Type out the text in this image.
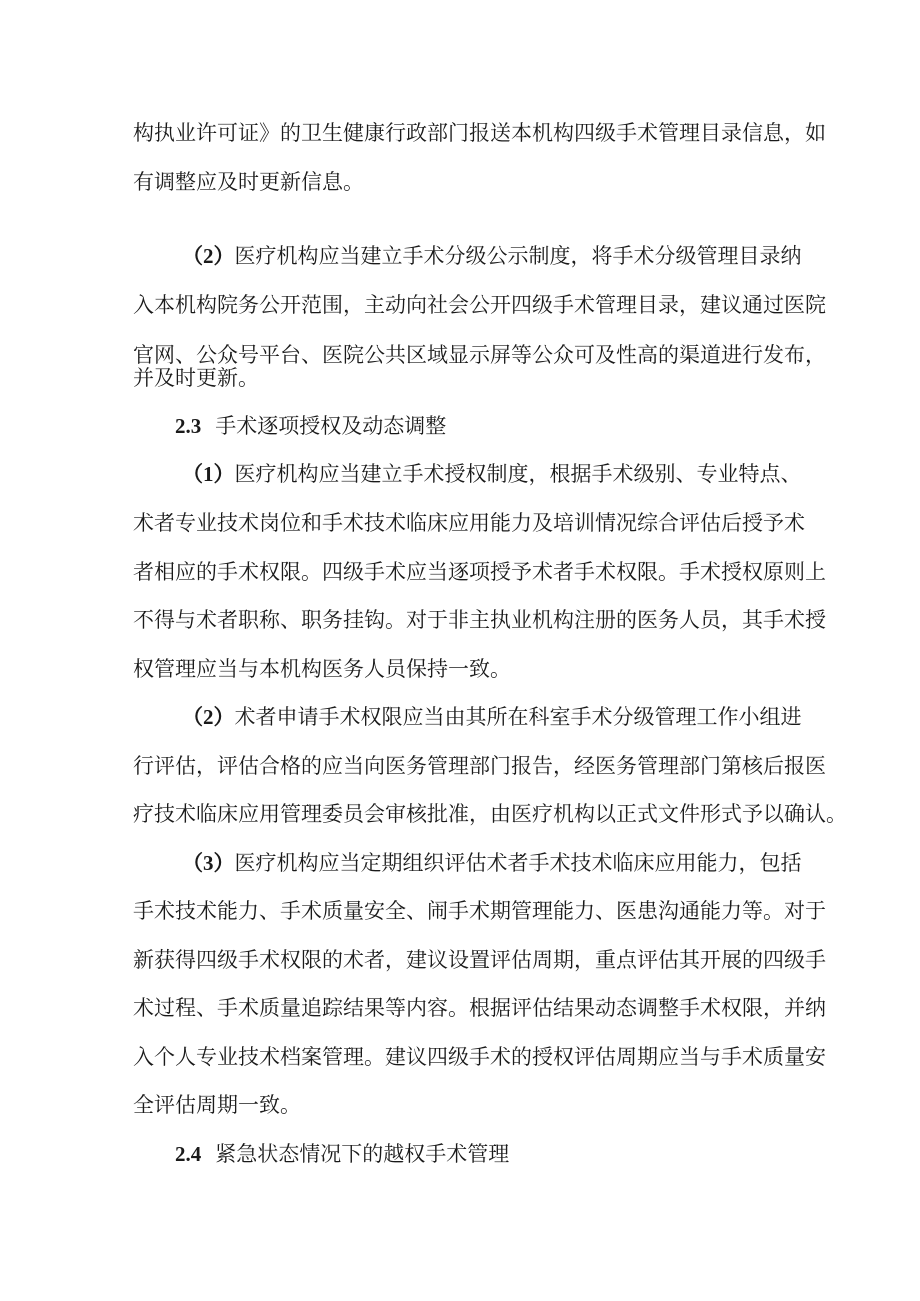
构执业许可证》的卫生健康行政部门报送本机构四级手术管理目录信息，如
有调整应及时更新信息。
（2）医疗机构应当建立手术分级公示制度，将手术分级管理目录纳
入本机构院务公开范围，主动向社会公开四级手术管理目录，建议通过医院
官网、公众号平台、医院公共区域显示屏等公众可及性高的渠道进行发布，
并及时更新。
2.3 手术逐项授权及动态调整
（1）医疗机构应当建立手术授权制度，根据手术级别、专业特点、
术者专业技术岗位和手术技术临床应用能力及培训情况综合评估后授予术
者相应的手术权限。四级手术应当逐项授予术者手术权限。手术授权原则上
不得与术者职称、职务挂钩。对于非主执业机构注册的医务人员，其手术授
权管理应当与本机构医务人员保持一致。
（2）术者申请手术权限应当由其所在科室手术分级管理工作小组进
行评估，评估合格的应当向医务管理部门报告，经医务管理部门第核后报医
疗技术临床应用管理委员会审核批准，由医疗机构以正式文件形式予以确认。
（3）医疗机构应当定期组织评估术者手术技术临床应用能力，包括
手术技术能力、手术质量安全、闹手术期管理能力、医患沟通能力等。对于
新获得四级手术权限的术者，建议设置评估周期，重点评估其开展的四级手
术过程、手术质量追踪结果等内容。根据评估结果动态调整手术权限，并纳
入个人专业技术档案管理。建议四级手术的授权评估周期应当与手术质量安
全评估周期一致。
2.4 紧急状态情况下的越权手术管理
